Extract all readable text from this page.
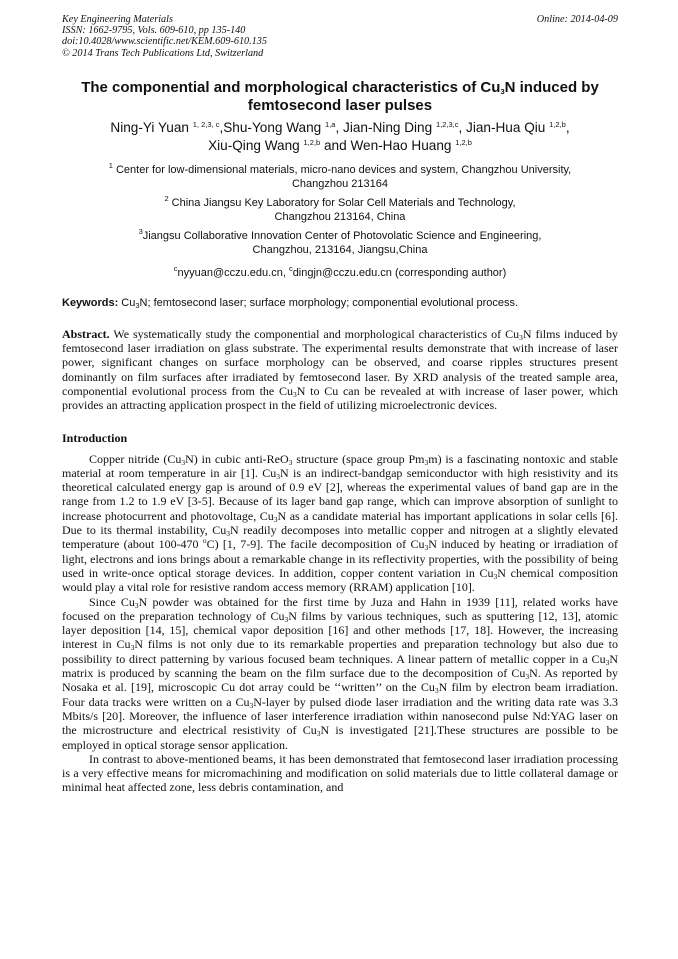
Key Engineering Materials
ISSN: 1662-9795, Vols. 609-610, pp 135-140
doi:10.4028/www.scientific.net/KEM.609-610.135
© 2014 Trans Tech Publications Ltd, Switzerland
Online: 2014-04-09
The componential and morphological characteristics of $Cu_3N$ induced by femtosecond laser pulses
Ning-Yi Yuan $^{1, 2,3, c}$,Shu-Yong Wang $^{1,a}$, Jian-Ning Ding $^{1,2,3,c}$, Jian-Hua Qiu $^{1,2,b}$,
Xiu-Qing Wang $^{1,2,b}$ and Wen-Hao Huang $^{1,2,b}$
$^1$ Center for low-dimensional materials, micro-nano devices and system, Changzhou University,
Changzhou 213164
$^2$ China Jiangsu Key Laboratory for Solar Cell Materials and Technology,
Changzhou 213164, China
$^3$Jiangsu Collaborative Innovation Center of Photovolatic Science and Engineering,
Changzhou, 213164, Jiangsu,China
$^c$nyyuan@cczu.edu.cn, $^c$dingjn@cczu.edu.cn (corresponding author)
Keywords: $Cu_3N$; femtosecond laser; surface morphology; componential evolutional process.

Abstract. We systematically study the componential and morphological characteristics of $Cu_3N$ films induced by femtosecond laser irradiation on glass substrate. The experimental results demonstrate that with increase of laser power, significant changes on surface morphology can be observed, and coarse ripples structures present dominantly on film surfaces after irradiated by femtosecond laser. By XRD analysis of the treated sample area, componential evolutional process from the $Cu_3N$ to Cu can be revealed at with increase of laser power, which provides an attracting application prospect in the field of utilizing microelectronic devices.

Introduction

Copper nitride $(Cu_3N)$ in cubic anti-ReO$_3$ structure (space group $Pm_3m$) is a fascinating nontoxic and stable material at room temperature in air [1]. $Cu_3N$ is an indirect-bandgap semiconductor with high resistivity and its theoretical calculated energy gap is around of 0.9 eV [2], whereas the experimental values of band gap are in the range from 1.2 to 1.9 eV [3-5]. Because of its lager band gap range, which can improve absorption of sunlight to increase photocurrent and photovoltage, $Cu_3N$ as a candidate material has important applications in solar cells [6]. Due to its thermal instability, $Cu_3N$ readily decomposes into metallic copper and nitrogen at a slightly elevated temperature (about 100-470 $^o$C) [1, 7-9]. The facile decomposition of $Cu_3N$ induced by heating or irradiation of light, electrons and ions brings about a remarkable change in its reflectivity properties, with the possibility of being used in write-once optical storage devices. In addition, copper content variation in $Cu_3N$ chemical composition would play a vital role for resistive random access memory (RRAM) application [10].

Since $Cu_3N$ powder was obtained for the first time by Juza and Hahn in 1939 [11], related works have focused on the preparation technology of $Cu_3N$ films by various techniques, such as sputtering [12, 13], atomic layer deposition [14, 15], chemical vapor deposition [16] and other methods [17, 18]. However, the increasing interest in $Cu_3N$ films is not only due to its remarkable properties and preparation technology but also due to possibility to direct patterning by various focused beam techniques. A linear pattern of metallic copper in a $Cu_3N$ matrix is produced by scanning the beam on the film surface due to the decomposition of $Cu_3N$. As reported by Nosaka et al. [19], microscopic Cu dot array could be ‘‘written’’ on the $Cu_3N$ film by electron beam irradiation. Four data tracks were written on a $Cu_3N$-layer by pulsed diode laser irradiation and the writing data rate was 3.3 Mbits/s [20]. Moreover, the influence of laser interference irradiation within nanosecond pulse Nd:YAG laser on the microstructure and electrical resistivity of $Cu_3N$ is investigated [21].These structures are possible to be employed in optical storage sensor application.

In contrast to above-mentioned beams, it has been demonstrated that femtosecond laser irradiation processing is a very effective means for micromachining and modification on solid materials due to little collateral damage or minimal heat affected zone, less debris contamination, and
